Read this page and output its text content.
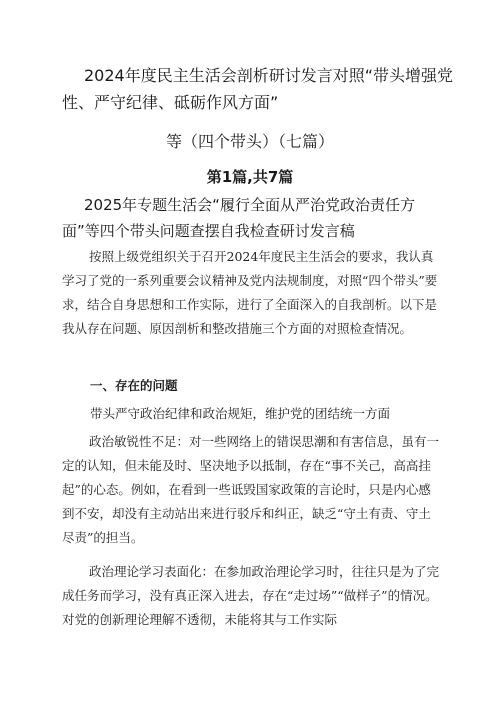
2024年度民主生活会剖析研讨发言对照“带头增强党
性、严守纪律、砥砺作风方面”
等（四个带头）（七篇）
第1篇,共7篇
2025年专题生活会“履行全面从严治党政治责任方面”等四个带头问题查摆自我检查研讨发言稿
按照上级党组织关于召开2024年度民主生活会的要求，我认真学习了党的一系列重要会议精神及党内法规制度，对照“四个带头”要求，结合自身思想和工作实际，进行了全面深入的自我剖析。以下是我从存在问题、原因剖析和整改措施三个方面的对照检查情况。
一、存在的问题
带头严守政治纪律和政治规矩，维护党的团结统一方面
政治敏锐性不足：对一些网络上的错误思潮和有害信息，虽有一定的认知，但未能及时、坚决地予以抵制，存在“事不关己，高高挂起”的心态。例如，在看到一些诋毁国家政策的言论时，只是内心感到不安，却没有主动站出来进行驳斥和纠正，缺乏“守土有责、守土尽责”的担当。
政治理论学习表面化：在参加政治理论学习时，往往只是为了完成任务而学习，没有真正深入进去，存在“走过场”“做样子”的情况。对党的创新理论理解不透彻，未能将其与工作实际
